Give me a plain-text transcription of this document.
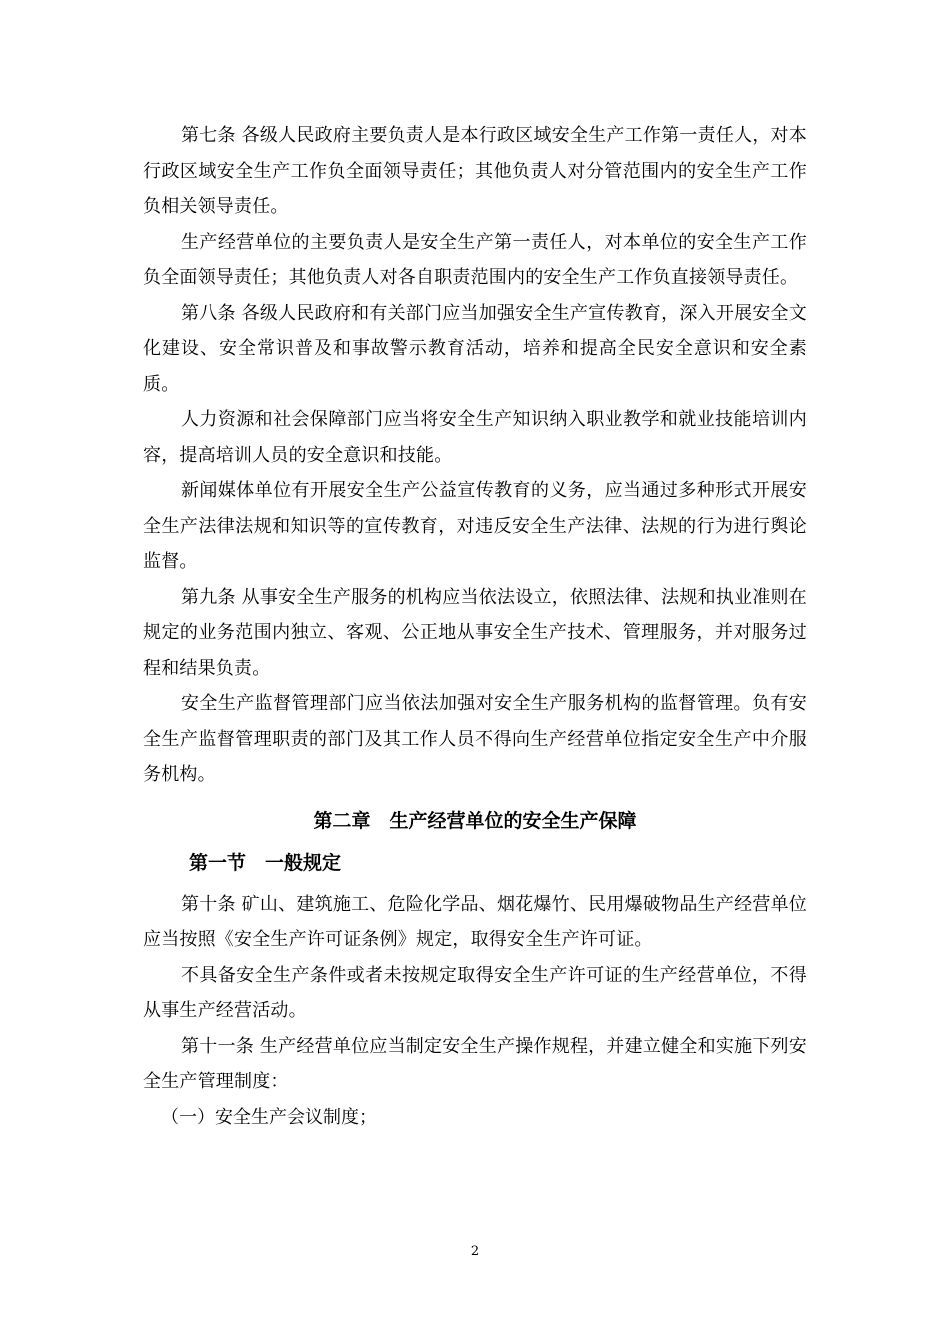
第七条 各级人民政府主要负责人是本行政区域安全生产工作第一责任人，对本行政区域安全生产工作负全面领导责任；其他负责人对分管范围内的安全生产工作负相关领导责任。

生产经营单位的主要负责人是安全生产第一责任人，对本单位的安全生产工作负全面领导责任；其他负责人对各自职责范围内的安全生产工作负直接领导责任。

第八条 各级人民政府和有关部门应当加强安全生产宣传教育，深入开展安全文化建设、安全常识普及和事故警示教育活动，培养和提高全民安全意识和安全素质。

人力资源和社会保障部门应当将安全生产知识纳入职业教学和就业技能培训内容，提高培训人员的安全意识和技能。

新闻媒体单位有开展安全生产公益宣传教育的义务，应当通过多种形式开展安全生产法律法规和知识等的宣传教育，对违反安全生产法律、法规的行为进行舆论监督。

第九条 从事安全生产服务的机构应当依法设立，依照法律、法规和执业准则在规定的业务范围内独立、客观、公正地从事安全生产技术、管理服务，并对服务过程和结果负责。

安全生产监督管理部门应当依法加强对安全生产服务机构的监督管理。负有安全生产监督管理职责的部门及其工作人员不得向生产经营单位指定安全生产中介服务机构。

第二章　生产经营单位的安全生产保障
第一节　一般规定

第十条 矿山、建筑施工、危险化学品、烟花爆竹、民用爆破物品生产经营单位应当按照《安全生产许可证条例》规定，取得安全生产许可证。

不具备安全生产条件或者未按规定取得安全生产许可证的生产经营单位，不得从事生产经营活动。

第十一条 生产经营单位应当制定安全生产操作规程，并建立健全和实施下列安全生产管理制度：

（一）安全生产会议制度；

2
